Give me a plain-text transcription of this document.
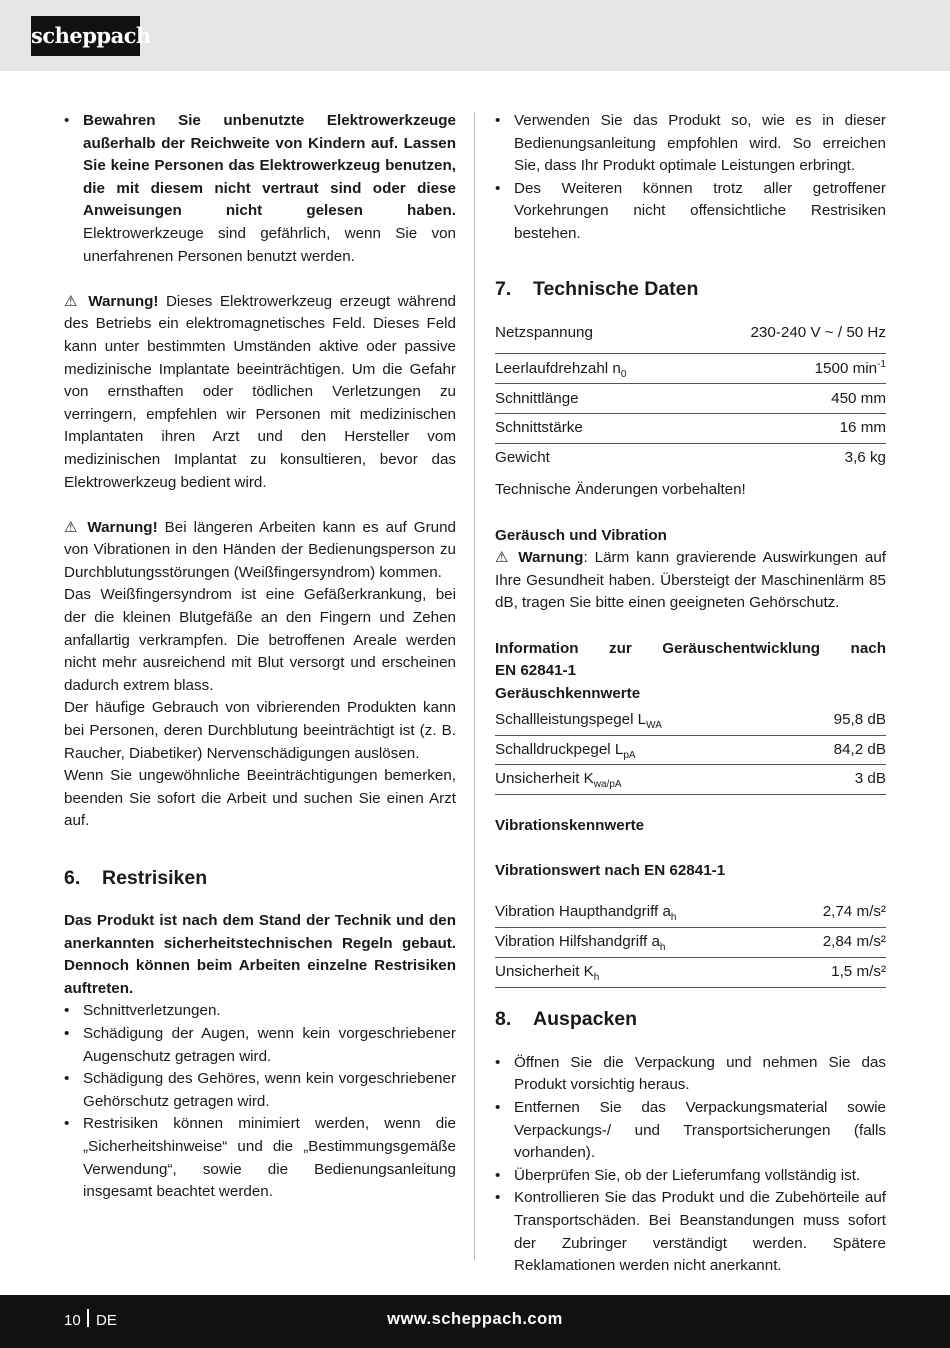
scheppach
• Bewahren Sie unbenutzte Elektrowerkzeuge außerhalb der Reichweite von Kindern auf. Lassen Sie keine Personen das Elektrowerkzeug benutzen, die mit diesem nicht vertraut sind oder diese Anweisungen nicht gelesen haben. Elektrowerkzeuge sind gefährlich, wenn Sie von unerfahrenen Personen benutzt werden.

⚠ Warnung! Dieses Elektrowerkzeug erzeugt während des Betriebs ein elektromagnetisches Feld. Dieses Feld kann unter bestimmten Umständen aktive oder passive medizinische Implantate beeinträchtigen. Um die Gefahr von ernsthaften oder tödlichen Verletzungen zu verringern, empfehlen wir Personen mit medizinischen Implantaten ihren Arzt und den Hersteller vom medizinischen Implantat zu konsultieren, bevor das Elektrowerkzeug bedient wird.

⚠ Warnung! Bei längeren Arbeiten kann es auf Grund von Vibrationen in den Händen der Bedienungsperson zu Durchblutungsstörungen (Weißfingersyndrom) kommen.

Das Weißfingersyndrom ist eine Gefäßerkrankung, bei der die kleinen Blutgefäße an den Fingern und Zehen anfallartig verkrampfen. Die betroffenen Areale werden nicht mehr ausreichend mit Blut versorgt und erscheinen dadurch extrem blass.

Der häufige Gebrauch von vibrierenden Produkten kann bei Personen, deren Durchblutung beeinträchtigt ist (z. B. Raucher, Diabetiker) Nervenschädigungen auslösen.

Wenn Sie ungewöhnliche Beeinträchtigungen bemerken, beenden Sie sofort die Arbeit und suchen Sie einen Arzt auf.

6. Restrisiken

Das Produkt ist nach dem Stand der Technik und den anerkannten sicherheitstechnischen Regeln gebaut. Dennoch können beim Arbeiten einzelne Restrisiken auftreten.

• Schnittverletzungen.
• Schädigung der Augen, wenn kein vorgeschriebener Augenschutz getragen wird.
• Schädigung des Gehöres, wenn kein vorgeschriebener Gehörschutz getragen wird.
• Restrisiken können minimiert werden, wenn die „Sicherheitshinweise“ und die „Bestimmungsgemäße Verwendung“, sowie die Bedienungsanleitung insgesamt beachtet werden.
• Verwenden Sie das Produkt so, wie es in dieser Bedienungsanleitung empfohlen wird. So erreichen Sie, dass Ihr Produkt optimale Leistungen erbringt.
• Des Weiteren können trotz aller getroffener Vorkehrungen nicht offensichtliche Restrisiken bestehen.
7. Technische Daten
Netzspannung	230-240 V ~ / 50 Hz
Leerlaufdrehzahl $n_0$	1500 $\min^{-1}$
Schnittlänge	450 mm
Schnittstärke	16 mm
Gewicht	3,6 kg

Technische Änderungen vorbehalten!

Geräusch und Vibration

⚠ Warnung: Lärm kann gravierende Auswirkungen auf Ihre Gesundheit haben. Übersteigt der Maschinenlärm 85 dB, tragen Sie bitte einen geeigneten Gehörschutz.

Information zur Geräuschentwicklung nach

EN 62841-1

Geräuschkennwerte

Schallleistungspegel $L_{WA}$	95,8 dB
Schalldruckpegel $L_{pA}$	84,2 dB
Unsicherheit $K_{wa/pA}$	3 dB

Vibrationskennwerte

Vibrationswert nach EN 62841-1

Vibration Haupthandgriff $a_h$	2,74 m/s²
Vibration Hilfshandgriff $a_h$	2,84 m/s²
Unsicherheit $K_h$	1,5 m/s²
8. Auspacken
• Öffnen Sie die Verpackung und nehmen Sie das Produkt vorsichtig heraus.
• Entfernen Sie das Verpackungsmaterial sowie Verpackungs-/ und Transportsicherungen (falls vorhanden).
• Überprüfen Sie, ob der Lieferumfang vollständig ist.
• Kontrollieren Sie das Produkt und die Zubehörteile auf Transportschäden. Bei Beanstandungen muss sofort der Zubringer verständigt werden. Spätere Reklamationen werden nicht anerkannt.
10 DE	www.scheppach.com
